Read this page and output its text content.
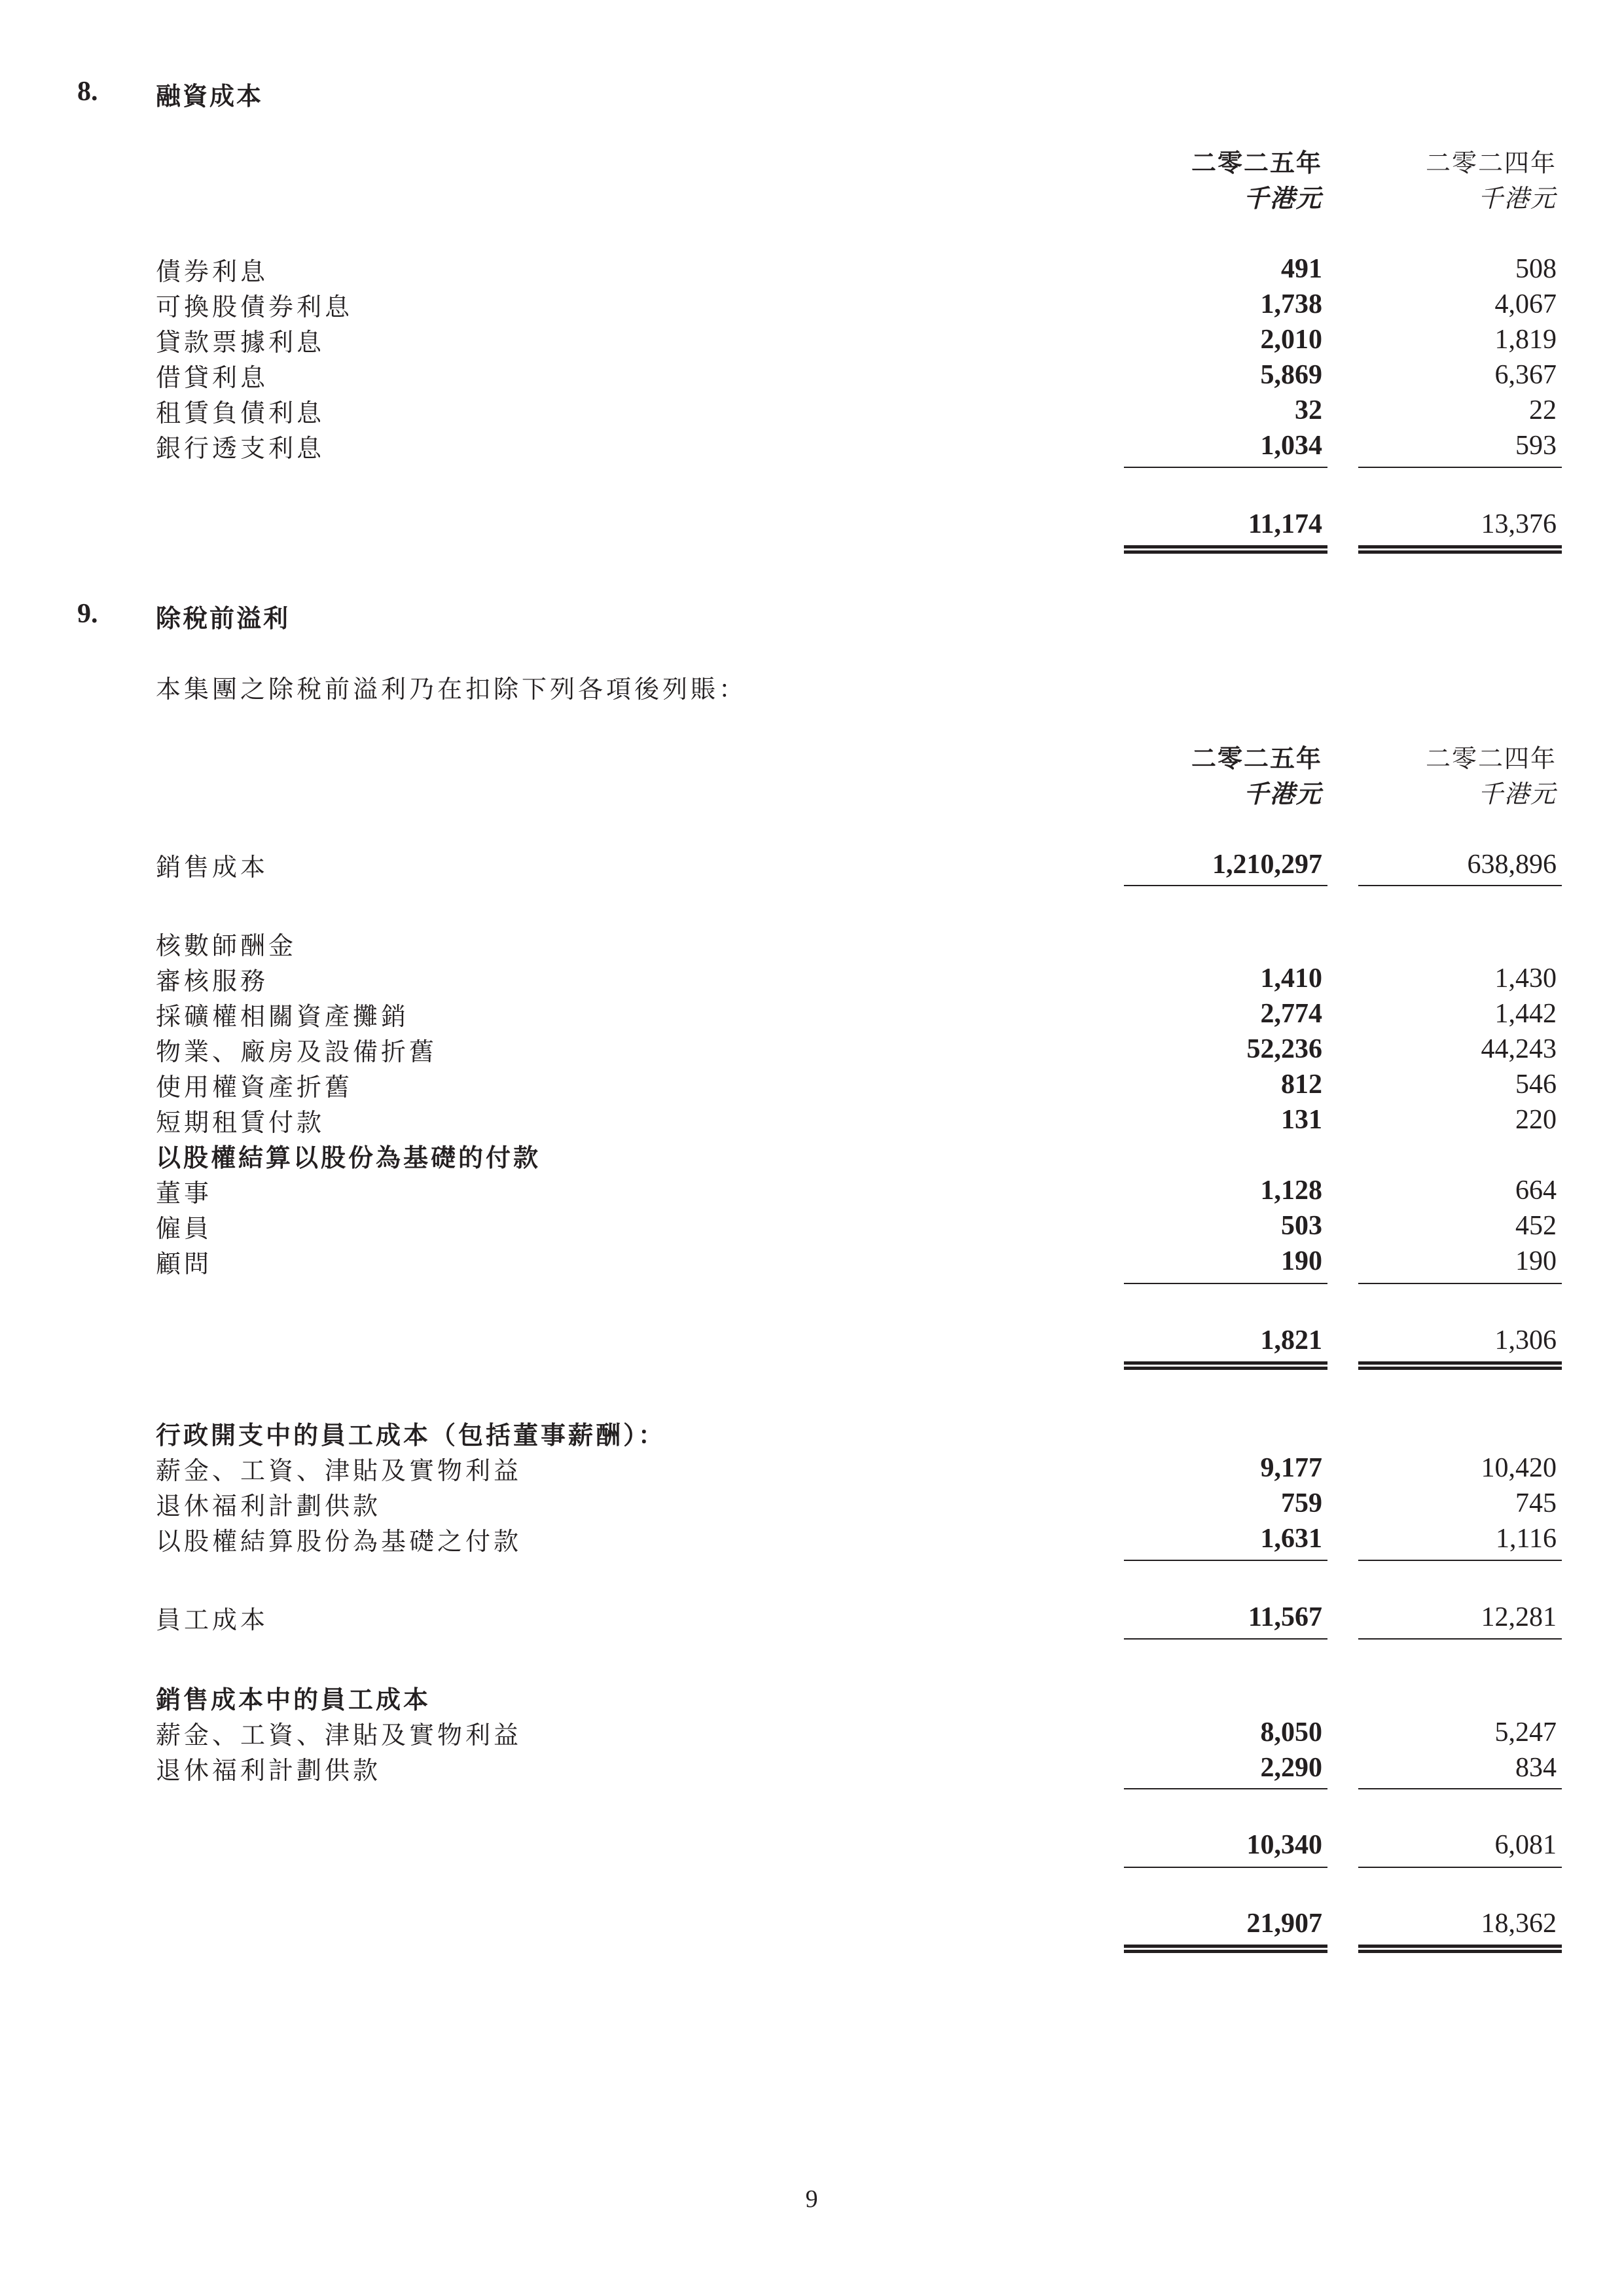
8. 融資成本
二零二五年
千港元
二零二四年
千港元
債券利息	491	508
可換股債券利息	1,738	4,067
貸款票據利息	2,010	1,819
借貸利息	5,869	6,367
租賃負債利息	32	22
銀行透支利息	1,034	593
11,174	13,376
9. 除稅前溢利
本集團之除稅前溢利乃在扣除下列各項後列賬：
二零二五年
千港元
二零二四年
千港元
銷售成本	1,210,297	638,896
核數師酬金
審核服務	1,410	1,430
採礦權相關資產攤銷	2,774	1,442
物業、廠房及設備折舊	52,236	44,243
使用權資產折舊	812	546
短期租賃付款	131	220
以股權結算以股份為基礎的付款
董事	1,128	664
僱員	503	452
顧問	190	190
1,821	1,306
行政開支中的員工成本（包括董事薪酬）：
薪金、工資、津貼及實物利益	9,177	10,420
退休福利計劃供款	759	745
以股權結算股份為基礎之付款	1,631	1,116
員工成本	11,567	12,281
銷售成本中的員工成本
薪金、工資、津貼及實物利益	8,050	5,247
退休福利計劃供款	2,290	834
10,340	6,081
21,907	18,362
9
